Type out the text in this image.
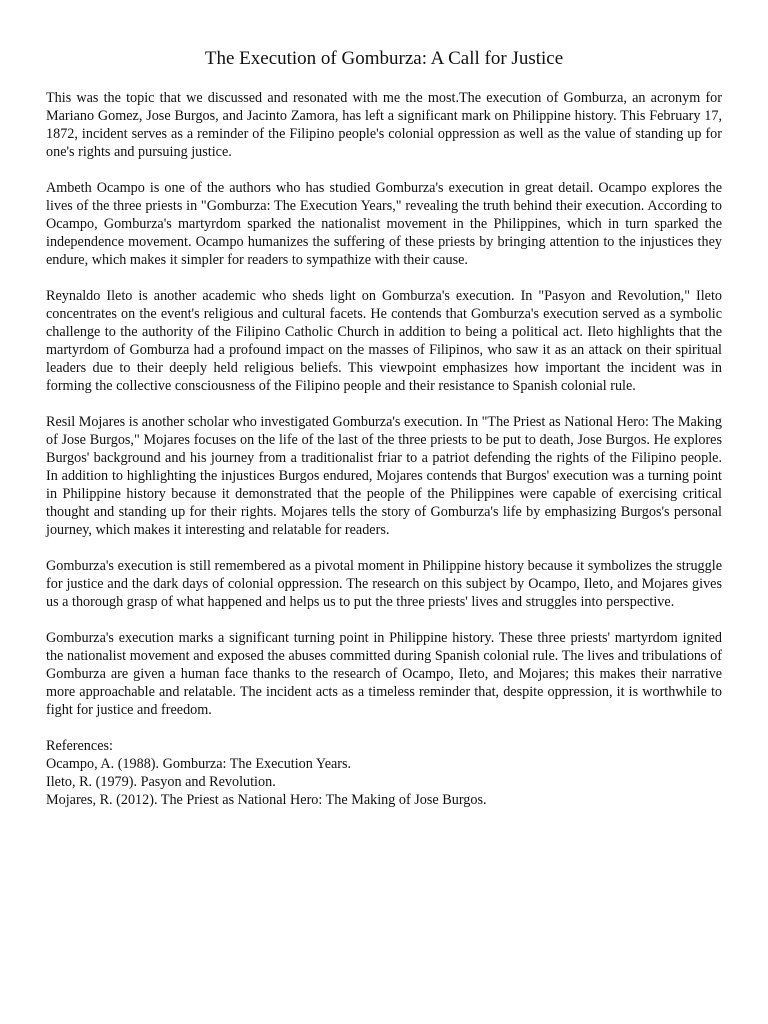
The Execution of Gomburza: A Call for Justice

This was the topic that we discussed and resonated with me the most.The execution of Gomburza, an acronym for Mariano Gomez, Jose Burgos, and Jacinto Zamora, has left a significant mark on Philippine history. This February 17, 1872, incident serves as a reminder of the Filipino people's colonial oppression as well as the value of standing up for one's rights and pursuing justice.

Ambeth Ocampo is one of the authors who has studied Gomburza's execution in great detail. Ocampo explores the lives of the three priests in "Gomburza: The Execution Years," revealing the truth behind their execution. According to Ocampo, Gomburza's martyrdom sparked the nationalist movement in the Philippines, which in turn sparked the independence movement. Ocampo humanizes the suffering of these priests by bringing attention to the injustices they endure, which makes it simpler for readers to sympathize with their cause.

Reynaldo Ileto is another academic who sheds light on Gomburza's execution. In "Pasyon and Revolution," Ileto concentrates on the event's religious and cultural facets. He contends that Gomburza's execution served as a symbolic challenge to the authority of the Filipino Catholic Church in addition to being a political act. Ileto highlights that the martyrdom of Gomburza had a profound impact on the masses of Filipinos, who saw it as an attack on their spiritual leaders due to their deeply held religious beliefs. This viewpoint emphasizes how important the incident was in forming the collective consciousness of the Filipino people and their resistance to Spanish colonial rule.

Resil Mojares is another scholar who investigated Gomburza's execution. In "The Priest as National Hero: The Making of Jose Burgos," Mojares focuses on the life of the last of the three priests to be put to death, Jose Burgos. He explores Burgos' background and his journey from a traditionalist friar to a patriot defending the rights of the Filipino people. In addition to highlighting the injustices Burgos endured, Mojares contends that Burgos' execution was a turning point in Philippine history because it demonstrated that the people of the Philippines were capable of exercising critical thought and standing up for their rights. Mojares tells the story of Gomburza's life by emphasizing Burgos's personal journey, which makes it interesting and relatable for readers.

Gomburza's execution is still remembered as a pivotal moment in Philippine history because it symbolizes the struggle for justice and the dark days of colonial oppression. The research on this subject by Ocampo, Ileto, and Mojares gives us a thorough grasp of what happened and helps us to put the three priests' lives and struggles into perspective.

Gomburza's execution marks a significant turning point in Philippine history. These three priests' martyrdom ignited the nationalist movement and exposed the abuses committed during Spanish colonial rule. The lives and tribulations of Gomburza are given a human face thanks to the research of Ocampo, Ileto, and Mojares; this makes their narrative more approachable and relatable. The incident acts as a timeless reminder that, despite oppression, it is worthwhile to fight for justice and freedom.

References:
Ocampo, A. (1988). Gomburza: The Execution Years.
Ileto, R. (1979). Pasyon and Revolution.
Mojares, R. (2012). The Priest as National Hero: The Making of Jose Burgos.
